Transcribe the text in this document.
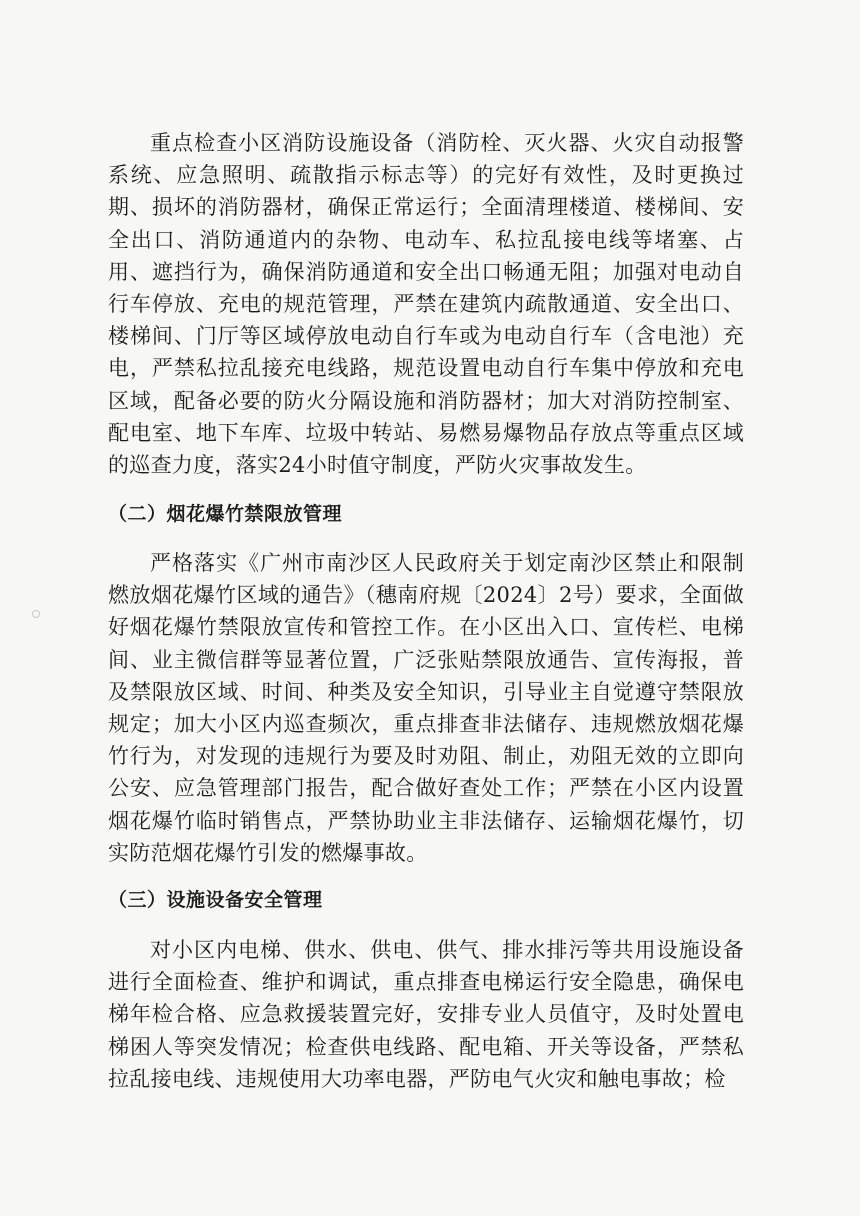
重点检查小区消防设施设备（消防栓、灭火器、火灾自动报警系统、应急照明、疏散指示标志等）的完好有效性，及时更换过期、损坏的消防器材，确保正常运行；全面清理楼道、楼梯间、安全出口、消防通道内的杂物、电动车、私拉乱接电线等堵塞、占用、遮挡行为，确保消防通道和安全出口畅通无阻；加强对电动自行车停放、充电的规范管理，严禁在建筑内疏散通道、安全出口、楼梯间、门厅等区域停放电动自行车或为电动自行车（含电池）充电，严禁私拉乱接充电线路，规范设置电动自行车集中停放和充电区域，配备必要的防火分隔设施和消防器材；加大对消防控制室、配电室、地下车库、垃圾中转站、易燃易爆物品存放点等重点区域的巡查力度，落实24小时值守制度，严防火灾事故发生。

（二）烟花爆竹禁限放管理

严格落实《广州市南沙区人民政府关于划定南沙区禁止和限制燃放烟花爆竹区域的通告》（穗南府规〔2024〕2号）要求，全面做好烟花爆竹禁限放宣传和管控工作。在小区出入口、宣传栏、电梯间、业主微信群等显著位置，广泛张贴禁限放通告、宣传海报，普及禁限放区域、时间、种类及安全知识，引导业主自觉遵守禁限放规定；加大小区内巡查频次，重点排查非法储存、违规燃放烟花爆竹行为，对发现的违规行为要及时劝阻、制止，劝阻无效的立即向公安、应急管理部门报告，配合做好查处工作；严禁在小区内设置烟花爆竹临时销售点，严禁协助业主非法储存、运输烟花爆竹，切实防范烟花爆竹引发的燃爆事故。

（三）设施设备安全管理

对小区内电梯、供水、供电、供气、排水排污等共用设施设备进行全面检查、维护和调试，重点排查电梯运行安全隐患，确保电梯年检合格、应急救援装置完好，安排专业人员值守，及时处置电梯困人等突发情况；检查供电线路、配电箱、开关等设备，严禁私拉乱接电线、违规使用大功率电器，严防电气火灾和触电事故；检
